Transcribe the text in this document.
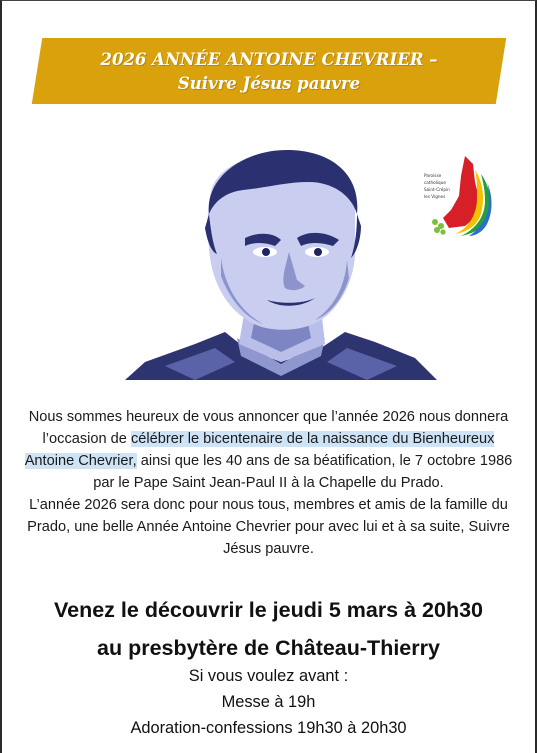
2026 ANNÉE ANTOINE CHEVRIER –
Suivre Jésus pauvre
Paroisse catholique
Saint-Crépin
les Vignes

Nous sommes heureux de vous annoncer que l’année 2026 nous donnera l’occasion de célébrer le bicentenaire de la naissance du Bienheureux Antoine Chevrier, ainsi que les 40 ans de sa béatification, le 7 octobre 1986 par le Pape Saint Jean-Paul II à la Chapelle du Prado.

L’année 2026 sera donc pour nous tous, membres et amis de la famille du Prado, une belle Année Antoine Chevrier pour avec lui et à sa suite, Suivre Jésus pauvre.

Venez le découvrir le jeudi 5 mars à 20h30
au presbytère de Château-Thierry
Si vous voulez avant :
Messe à 19h
Adoration-confessions 19h30 à 20h30
